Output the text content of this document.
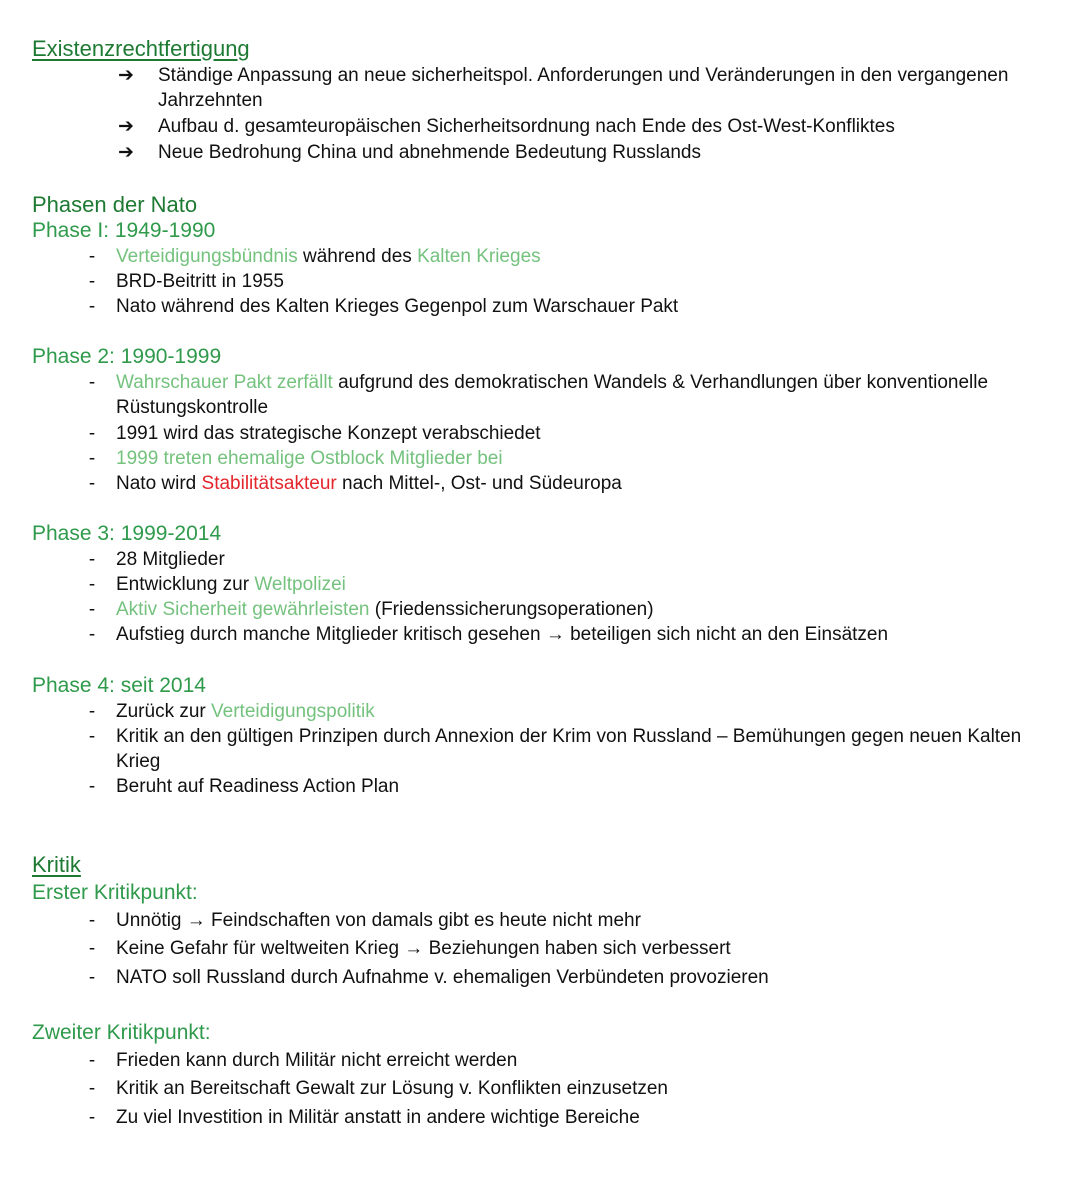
Existenzrechtfertigung
➔	Ständige Anpassung an neue sicherheitspol. Anforderungen und Veränderungen in den vergangenen Jahrzehnten
➔	Aufbau d. gesamteuropäischen Sicherheitsordnung nach Ende des Ost-West-Konfliktes
➔	Neue Bedrohung China und abnehmende Bedeutung Russlands
Phasen der Nato
Phase I: 1949-1990
-	Verteidigungsbündnis während des Kalten Krieges
-	BRD-Beitritt in 1955
-	Nato während des Kalten Krieges Gegenpol zum Warschauer Pakt
Phase 2: 1990-1999
-	Wahrschauer Pakt zerfällt aufgrund des demokratischen Wandels & Verhandlungen über konventionelle Rüstungskontrolle
-	1991 wird das strategische Konzept verabschiedet
-	1999 treten ehemalige Ostblock Mitglieder bei
-	Nato wird Stabilitätsakteur nach Mittel-, Ost- und Südeuropa
Phase 3: 1999-2014
-	28 Mitglieder
-	Entwicklung zur Weltpolizei
-	Aktiv Sicherheit gewährleisten (Friedenssicherungsoperationen)
-	Aufstieg durch manche Mitglieder kritisch gesehen → beteiligen sich nicht an den Einsätzen
Phase 4: seit 2014
-	Zurück zur Verteidigungspolitik
-	Kritik an den gültigen Prinzipen durch Annexion der Krim von Russland – Bemühungen gegen neuen Kalten Krieg
-	Beruht auf Readiness Action Plan
Kritik
Erster Kritikpunkt:
-	Unnötig → Feindschaften von damals gibt es heute nicht mehr
-	Keine Gefahr für weltweiten Krieg → Beziehungen haben sich verbessert
-	NATO soll Russland durch Aufnahme v. ehemaligen Verbündeten provozieren
Zweiter Kritikpunkt:
-	Frieden kann durch Militär nicht erreicht werden
-	Kritik an Bereitschaft Gewalt zur Lösung v. Konflikten einzusetzen
-	Zu viel Investition in Militär anstatt in andere wichtige Bereiche
